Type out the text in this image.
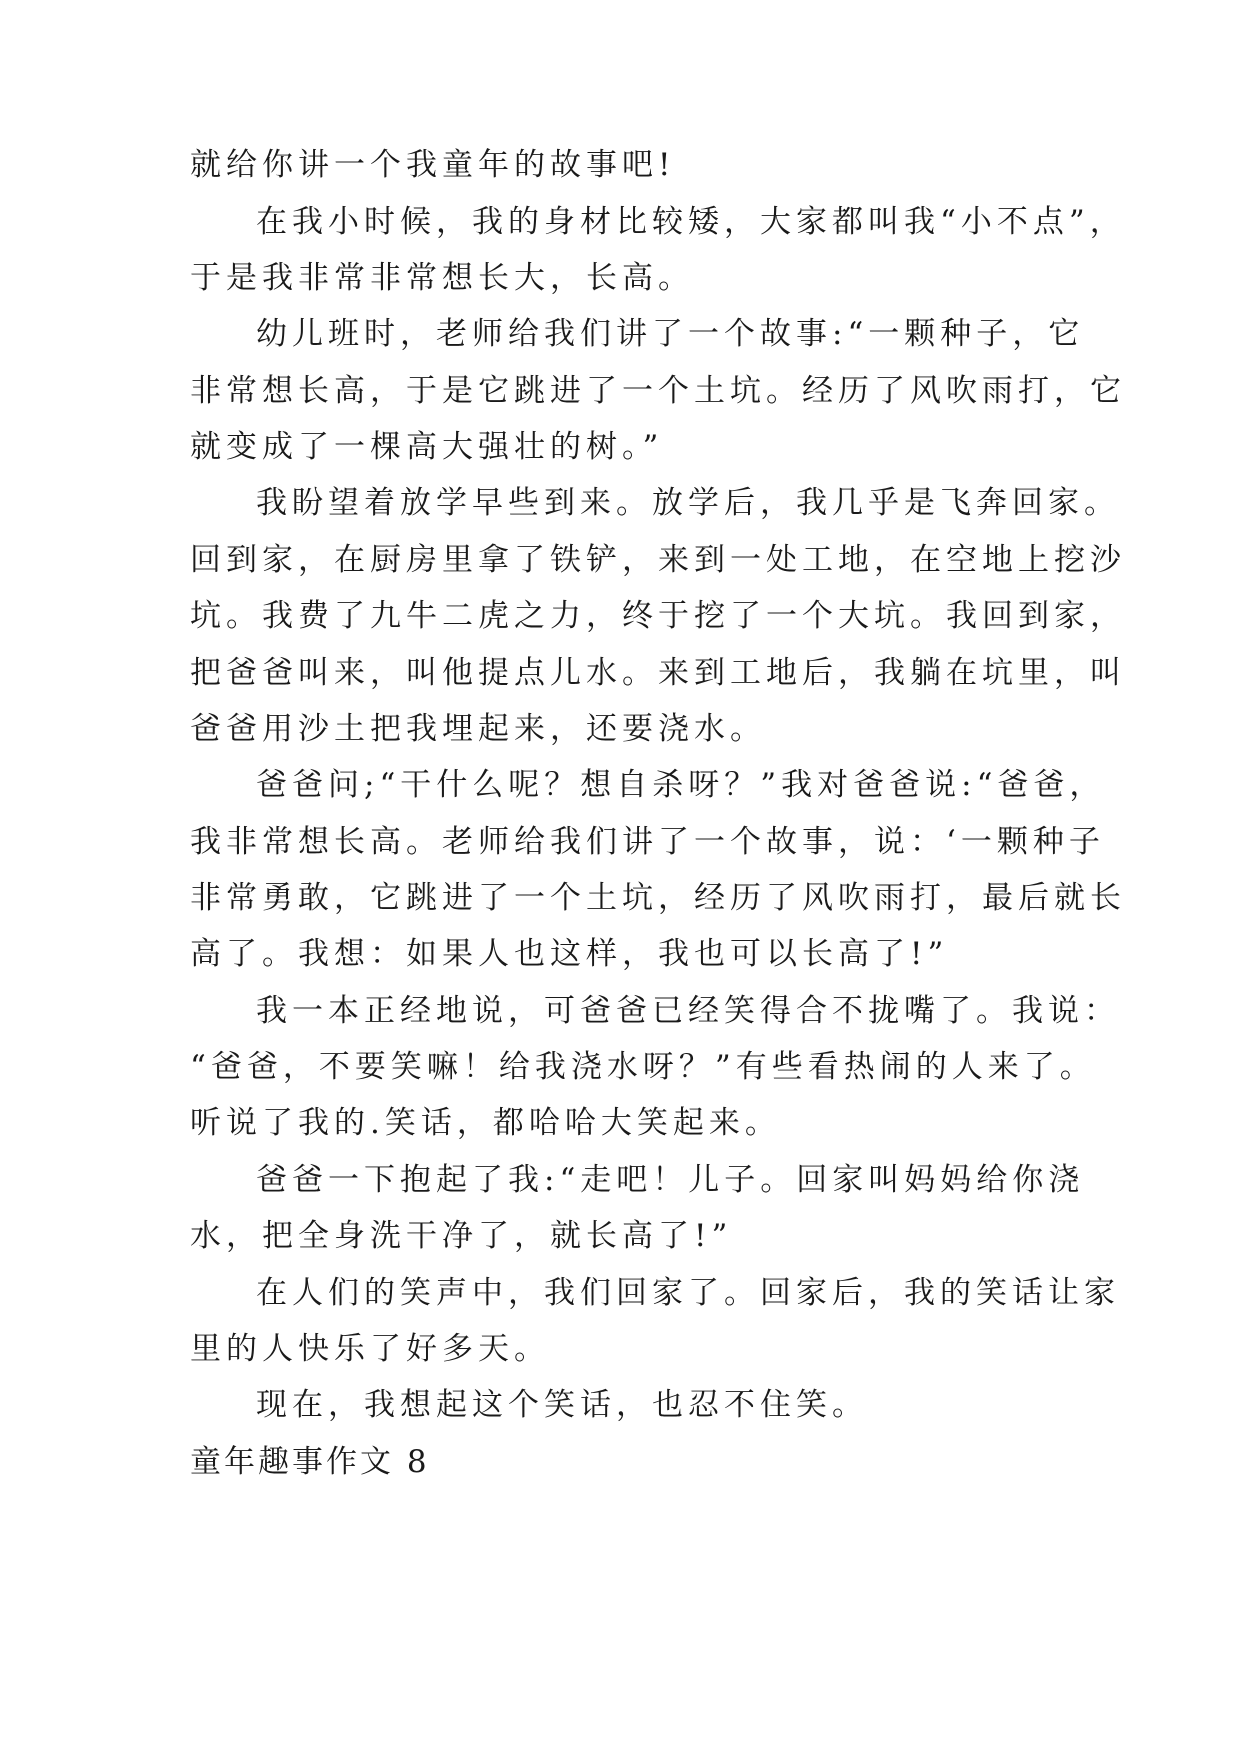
就给你讲一个我童年的故事吧!

在我小时候，我的身材比较矮，大家都叫我“小不点”，

于是我非常非常想长大，长高。

幼儿班时，老师给我们讲了一个故事:“一颗种子，它

非常想长高，于是它跳进了一个土坑。经历了风吹雨打，它

就变成了一棵高大强壮的树。”

我盼望着放学早些到来。放学后，我几乎是飞奔回家。

回到家，在厨房里拿了铁铲，来到一处工地，在空地上挖沙

坑。我费了九牛二虎之力，终于挖了一个大坑。我回到家，

把爸爸叫来，叫他提点儿水。来到工地后，我躺在坑里，叫

爸爸用沙土把我埋起来，还要浇水。

爸爸问;“干什么呢？想自杀呀？”我对爸爸说:“爸爸，

我非常想长高。老师给我们讲了一个故事，说：‘一颗种子

非常勇敢，它跳进了一个土坑，经历了风吹雨打，最后就长

高了。我想：如果人也这样，我也可以长高了!”

我一本正经地说，可爸爸已经笑得合不拢嘴了。我说：

“爸爸，不要笑嘛！给我浇水呀？”有些看热闹的人来了。

听说了我的.笑话，都哈哈大笑起来。

爸爸一下抱起了我:“走吧！儿子。回家叫妈妈给你浇

水，把全身洗干净了，就长高了!”

在人们的笑声中，我们回家了。回家后，我的笑话让家

里的人快乐了好多天。

现在，我想起这个笑话，也忍不住笑。

童年趣事作文 8
